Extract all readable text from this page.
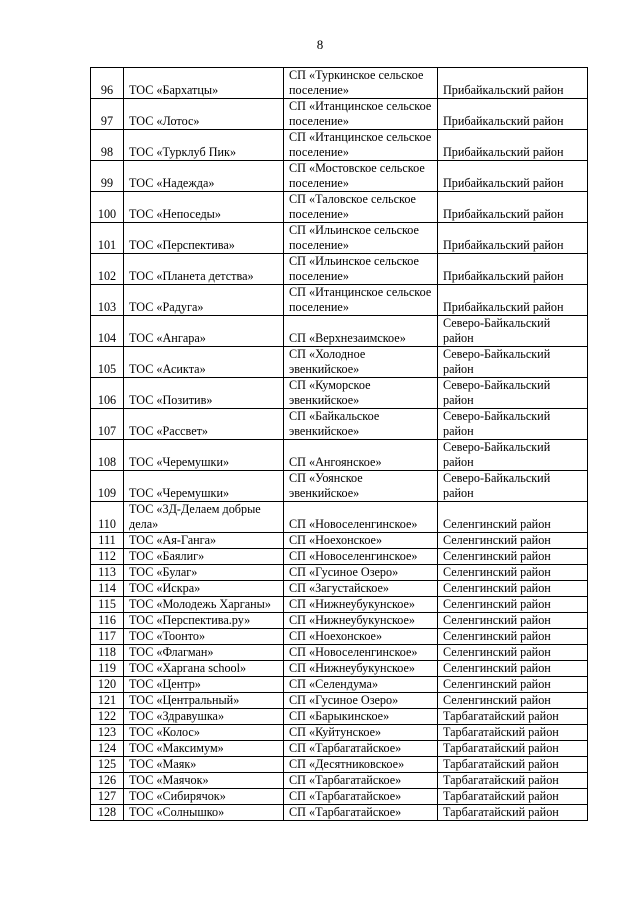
8
96	ТОС «Бархатцы»	СП «Туркинское сельское поселение»	Прибайкальский район
97	ТОС «Лотос»	СП «Итанцинское сельское поселение»	Прибайкальский район
98	ТОС «Турклуб Пик»	СП «Итанцинское сельское поселение»	Прибайкальский район
99	ТОС «Надежда»	СП «Мостовское сельское поселение»	Прибайкальский район
100	ТОС «Непоседы»	СП «Таловское сельское поселение»	Прибайкальский район
101	ТОС «Перспектива»	СП «Ильинское сельское поселение»	Прибайкальский район
102	ТОС «Планета детства»	СП «Ильинское сельское поселение»	Прибайкальский район
103	ТОС «Радуга»	СП «Итанцинское сельское поселение»	Прибайкальский район
104	ТОС «Ангара»	СП «Верхнезаимское»	Северо-Байкальский район
105	ТОС «Асикта»	СП «Холодное эвенкийское»	Северо-Байкальский район
106	ТОС «Позитив»	СП «Куморское эвенкийское»	Северо-Байкальский район
107	ТОС «Рассвет»	СП «Байкальское эвенкийское»	Северо-Байкальский район
108	ТОС «Черемушки»	СП «Ангоянское»	Северо-Байкальский район
109	ТОС «Черемушки»	СП «Уоянское эвенкийское»	Северо-Байкальский район
110	ТОС «3Д-Делаем добрые дела»	СП «Новоселенгинское»	Селенгинский район
111	ТОС «Ая-Ганга»	СП «Ноехонское»	Селенгинский район
112	ТОС «Баялиг»	СП «Новоселенгинское»	Селенгинский район
113	ТОС «Булаг»	СП «Гусиное Озеро»	Селенгинский район
114	ТОС «Искра»	СП «Загустайское»	Селенгинский район
115	ТОС «Молодежь Харганы»	СП «Нижнеубукунское»	Селенгинский район
116	ТОС «Перспектива.ру»	СП «Нижнеубукунское»	Селенгинский район
117	ТОС «Тоонто»	СП «Ноехонское»	Селенгинский район
118	ТОС «Флагман»	СП «Новоселенгинское»	Селенгинский район
119	ТОС «Харгана school»	СП «Нижнеубукунское»	Селенгинский район
120	ТОС «Центр»	СП «Селендума»	Селенгинский район
121	ТОС «Центральный»	СП «Гусиное Озеро»	Селенгинский район
122	ТОС «Здравушка»	СП «Барыкинское»	Тарбагатайский район
123	ТОС «Колос»	СП «Куйтунское»	Тарбагатайский район
124	ТОС «Максимум»	СП «Тарбагатайское»	Тарбагатайский район
125	ТОС «Маяк»	СП «Десятниковское»	Тарбагатайский район
126	ТОС «Маячок»	СП «Тарбагатайское»	Тарбагатайский район
127	ТОС «Сибирячок»	СП «Тарбагатайское»	Тарбагатайский район
128	ТОС «Солнышко»	СП «Тарбагатайское»	Тарбагатайский район
